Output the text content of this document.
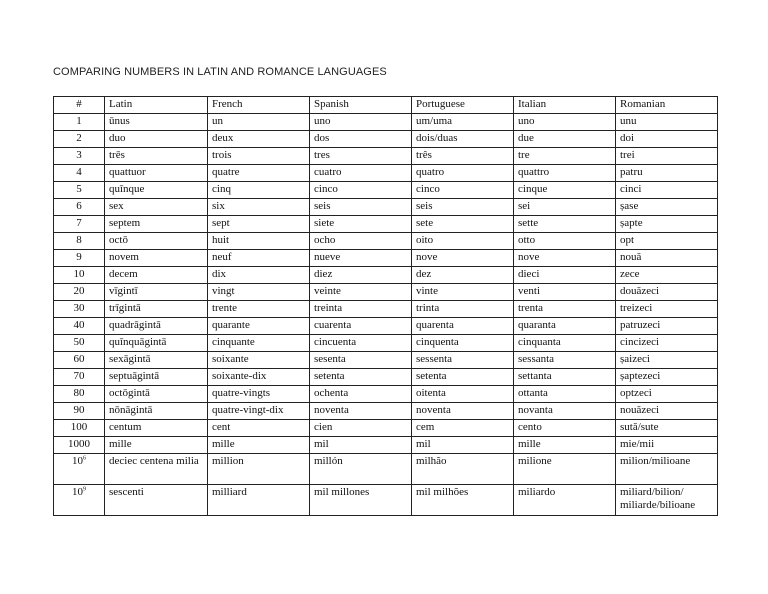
COMPARING NUMBERS IN LATIN AND ROMANCE LANGUAGES
#	Latin	French	Spanish	Portuguese	Italian	Romanian
1	ūnus	un	uno	um/uma	uno	unu
2	duo	deux	dos	dois/duas	due	doi
3	trēs	trois	tres	três	tre	trei
4	quattuor	quatre	cuatro	quatro	quattro	patru
5	quīnque	cinq	cinco	cinco	cinque	cinci
6	sex	six	seis	seis	sei	șase
7	septem	sept	siete	sete	sette	șapte
8	octō	huit	ocho	oito	otto	opt
9	novem	neuf	nueve	nove	nove	nouă
10	decem	dix	diez	dez	dieci	zece
20	vīgintī	vingt	veinte	vinte	venti	douăzeci
30	trīgintā	trente	treinta	trinta	trenta	treizeci
40	quadrāgintā	quarante	cuarenta	quarenta	quaranta	patruzeci
50	quīnquāgintā	cinquante	cincuenta	cinquenta	cinquanta	cincizeci
60	sexāgintā	soixante	sesenta	sessenta	sessanta	șaizeci
70	septuāgintā	soixante-dix	setenta	setenta	settanta	șaptezeci
80	octōgintā	quatre-vingts	ochenta	oitenta	ottanta	optzeci
90	nōnāgintā	quatre-vingt-dix	noventa	noventa	novanta	nouăzeci
100	centum	cent	cien	cem	cento	sută/sute
1000	mille	mille	mil	mil	mille	mie/mii
$10^6$	deciec centena milia	million	millón	milhão	milione	milion/milioane
$10^9$	sescenti	milliard	mil millones	mil milhões	miliardo	miliard/bilion/ miliarde/bilioane
